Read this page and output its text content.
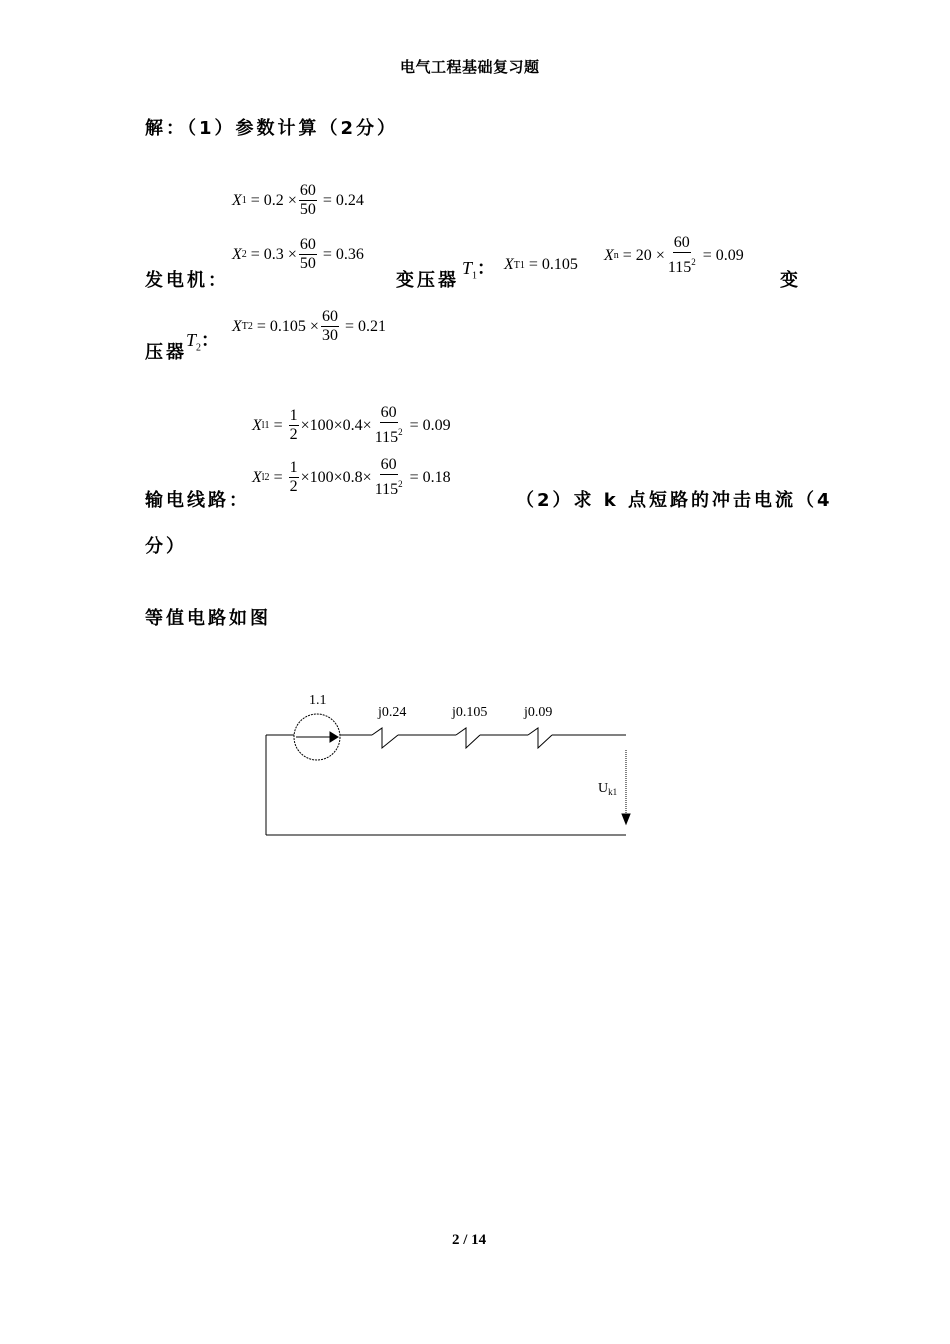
电气工程基础复习题
解：（1）参数计算（2分）
X $1 = 0.2 \times \frac{60}{50} = 0.24$
发电机：
X $2 = 0.3 \times \frac{60}{50} = 0.36$
变压器
$T_1$： X T1 = 0.105
X $n = 20 \times \frac{60}{115^2} = 0.09$
变
压器
$T_2$：
X $T2 = 0.105 \times \frac{60}{30} = 0.21$
X $l1 = \frac{1}{2} \times 100 \times 0.4 \times \frac{60}{115^2} = 0.09$
输电线路：
X $l2 = \frac{1}{2} \times 100 \times 0.8 \times \frac{60}{115^2} = 0.18$
（2）求 k 点短路的冲击电流（4
分）
等值电路如图
1.1
j0.24	j0.105	j0.09
$U_{k1}$
2 / 14
